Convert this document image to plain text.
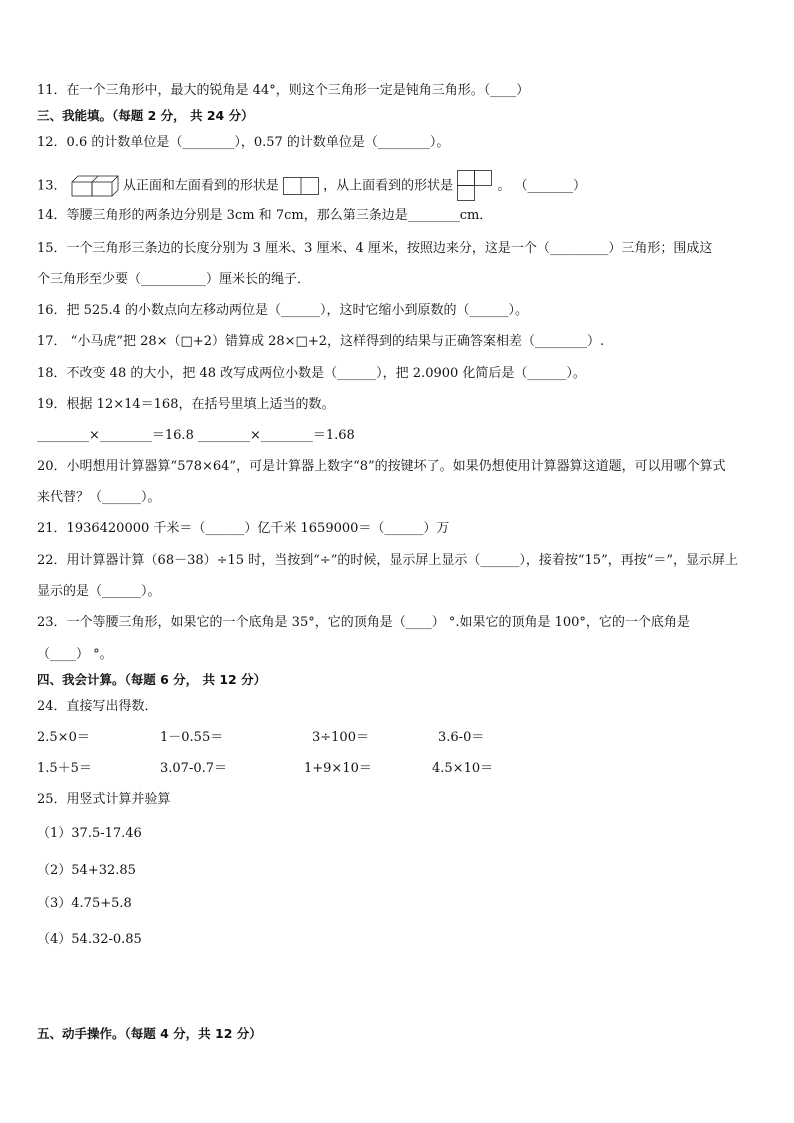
11．在一个三角形中，最大的锐角是 44°，则这个三角形一定是钝角三角形。（____）
三、我能填。（每题 2 分， 共 24 分）
12．0.6 的计数单位是（________），0.57 的计数单位是（________）。
13．	从正面和左面看到的形状是	，从上面看到的形状是	。 （_______）
14．等腰三角形的两条边分别是 3cm 和 7cm，那么第三条边是________cm．
15．一个三角形三条边的长度分别为 3 厘米、3 厘米、4 厘米，按照边来分，这是一个（_________）三角形；围成这
个三角形至少要（__________）厘米长的绳子．
16．把 525.4 的小数点向左移动两位是（______），这时它缩小到原数的（______）。
17． “小马虎”把 28×（□+2）错算成 28×□+2，这样得到的结果与正确答案相差（________）.
18．不改变 48 的大小，把 48 改写成两位小数是（______），把 2.0900 化简后是（______）。
19．根据 12×14＝168，在括号里填上适当的数。
________×________＝16.8 ________×________＝1.68
20．小明想用计算器算“578×64”，可是计算器上数字“8”的按键坏了。如果仍想使用计算器算这道题，可以用哪个算式
来代替？（______）。
21．1936420000 千米＝（______）亿千米 1659000＝（______）万
22．用计算器计算（68－38）÷15 时，当按到“÷”的时候，显示屏上显示（______），接着按“15”，再按“＝”，显示屏上
显示的是（______）。
23．一个等腰三角形，如果它的一个底角是 35°，它的顶角是（____） °.如果它的顶角是 100°，它的一个底角是
（____） °。
四、我会计算。（每题 6 分， 共 12 分）
24．直接写出得数．
2.5×0＝	1－0.55＝	3÷100＝	3.6-0＝
1.5＋5＝	3.07-0.7＝	1+9×10＝	4.5×10＝
25．用竖式计算并验算
（1）37.5-17.46
（2）54+32.85
（3）4.75+5.8
（4）54.32-0.85
五、动手操作。（每题 4 分，共 12 分）
